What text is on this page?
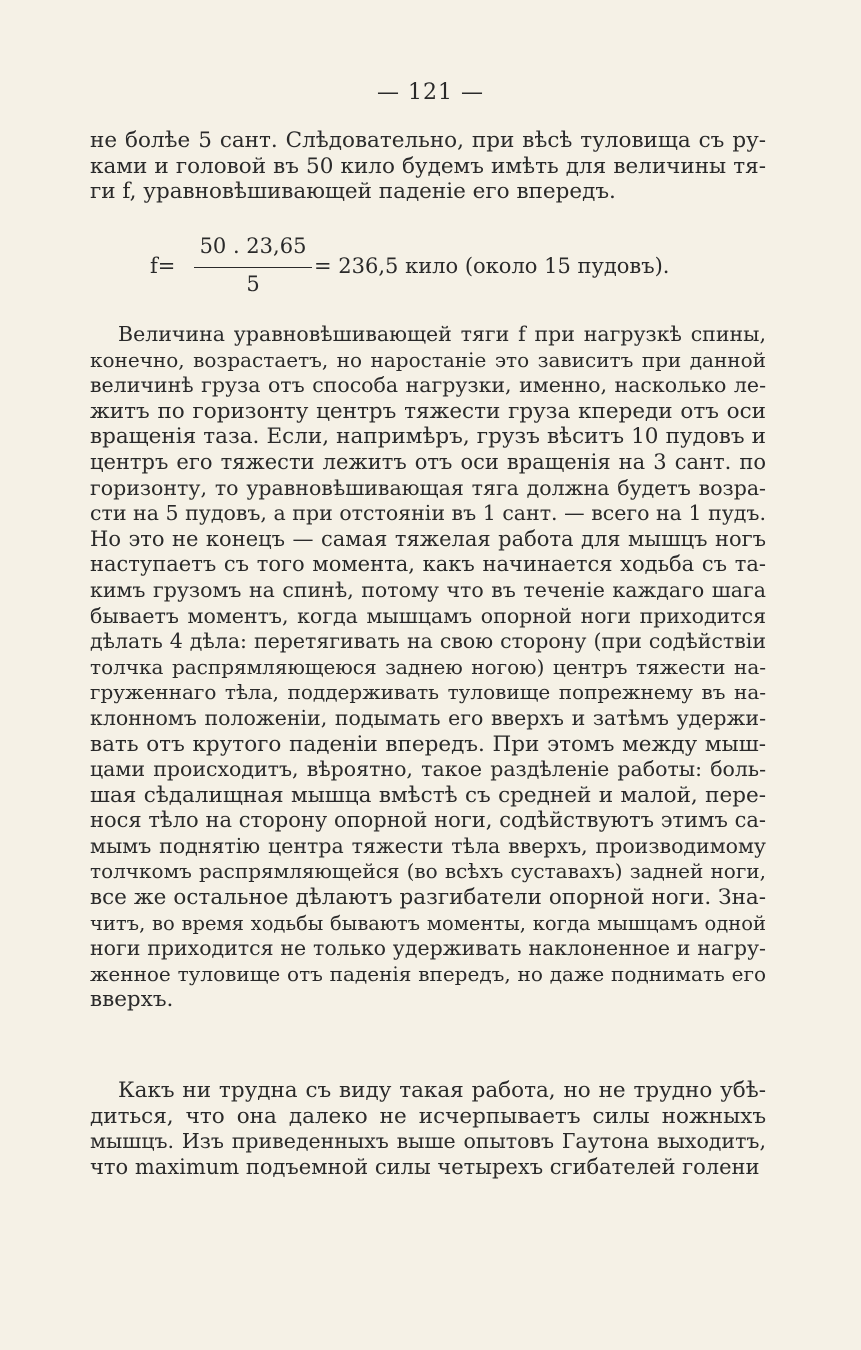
— 121 —
не болѣе 5 сант. Слѣдовательно, при вѣсѣ туловища съ ру-
ками и головой въ 50 кило будемъ имѣть для величины тя-
ги f, уравновѣшивающей паденіе его впередъ.
f=
50 . 23,65
5
= 236,5 кило (около 15 пудовъ).
Величина уравновѣшивающей тяги f при нагрузкѣ спины,
конечно, возрастаетъ, но наростаніе это зависитъ при данной
величинѣ груза отъ способа нагрузки, именно, насколько ле-
житъ по горизонту центръ тяжести груза кпереди отъ оси
вращенія таза. Если, напримѣръ, грузъ вѣситъ 10 пудовъ и
центръ его тяжести лежитъ отъ оси вращенія на 3 сант. по
горизонту, то уравновѣшивающая тяга должна будетъ возра-
сти на 5 пудовъ, а при отстояніи въ 1 сант. — всего на 1 пудъ.
Но это не конецъ — самая тяжелая работа для мышцъ ногъ
наступаетъ съ того момента, какъ начинается ходьба съ та-
кимъ грузомъ на спинѣ, потому что въ теченіе каждаго шага
бываетъ моментъ, когда мышцамъ опорной ноги приходится
дѣлать 4 дѣла: перетягивать на свою сторону (при содѣйствіи
толчка распрямляющеюся заднею ногою) центръ тяжести на-
груженнаго тѣла, поддерживать туловище попрежнему въ на-
клонномъ положеніи, подымать его вверхъ и затѣмъ удержи-
вать отъ крутого паденіи впередъ. При этомъ между мыш-
цами происходитъ, вѣроятно, такое раздѣленіе работы: боль-
шая сѣдалищная мышца вмѣстѣ съ средней и малой, пере-
нося тѣло на сторону опорной ноги, содѣйствуютъ этимъ са-
мымъ поднятію центра тяжести тѣла вверхъ, производимому
толчкомъ распрямляющейся (во всѣхъ суставахъ) задней ноги,
все же остальное дѣлаютъ разгибатели опорной ноги. Зна-
читъ, во время ходьбы бываютъ моменты, когда мышцамъ одной
ноги приходится не только удерживать наклоненное и нагру-
женное туловище отъ паденія впередъ, но даже поднимать его
вверхъ.
Какъ ни трудна съ виду такая работа, но не трудно убѣ-
диться, что она далеко не исчерпываетъ силы ножныхъ
мышцъ. Изъ приведенныхъ выше опытовъ Гаутона выходитъ,
что maximum подъемной силы четырехъ сгибателей голени
